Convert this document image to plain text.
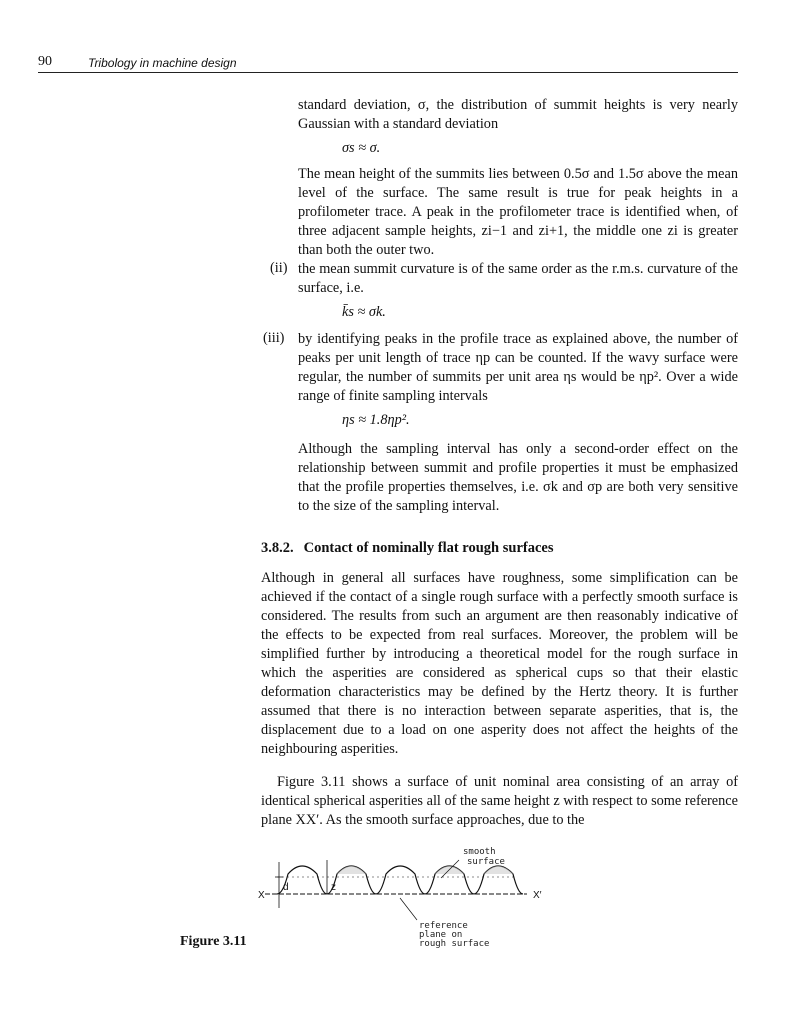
90	Tribology in machine design

standard deviation, σ, the distribution of summit heights is very nearly Gaussian with a standard deviation

σs ≈ σ.

The mean height of the summits lies between 0.5σ and 1.5σ above the mean level of the surface. The same result is true for peak heights in a profilometer trace. A peak in the profilometer trace is identified when, of three adjacent sample heights, zi−1 and zi+1, the middle one zi is greater than both the outer two.

(ii) the mean summit curvature is of the same order as the r.m.s. curvature of the surface, i.e.

k̄s ≈ σk.
(iii) by identifying peaks in the profile trace as explained above, the number of peaks per unit length of trace ηp can be counted. If the wavy surface were regular, the number of summits per unit area ηs would be ηp². Over a wide range of finite sampling intervals

ηs ≈ 1.8ηp².

Although the sampling interval has only a second-order effect on the relationship between summit and profile properties it must be emphasized that the profile properties themselves, i.e. σk and σp are both very sensitive to the size of the sampling interval.

3.8.2. Contact of nominally flat rough surfaces

Although in general all surfaces have roughness, some simplification can be achieved if the contact of a single rough surface with a perfectly smooth surface is considered. The results from such an argument are then reasonably indicative of the effects to be expected from real surfaces. Moreover, the problem will be simplified further by introducing a theoretical model for the rough surface in which the asperities are considered as spherical cups so that their elastic deformation characteristics may be defined by the Hertz theory. It is further assumed that there is no interaction between separate asperities, that is, the displacement due to a load on one asperity does not affect the heights of the neighbouring asperities.

Figure 3.11 shows a surface of unit nominal area consisting of an array of identical spherical asperities all of the same height z with respect to some reference plane XX′. As the smooth surface approaches, due to the

Figure 3.11
X	X′
d	z
smooth
surface
reference
plane on
rough surface
